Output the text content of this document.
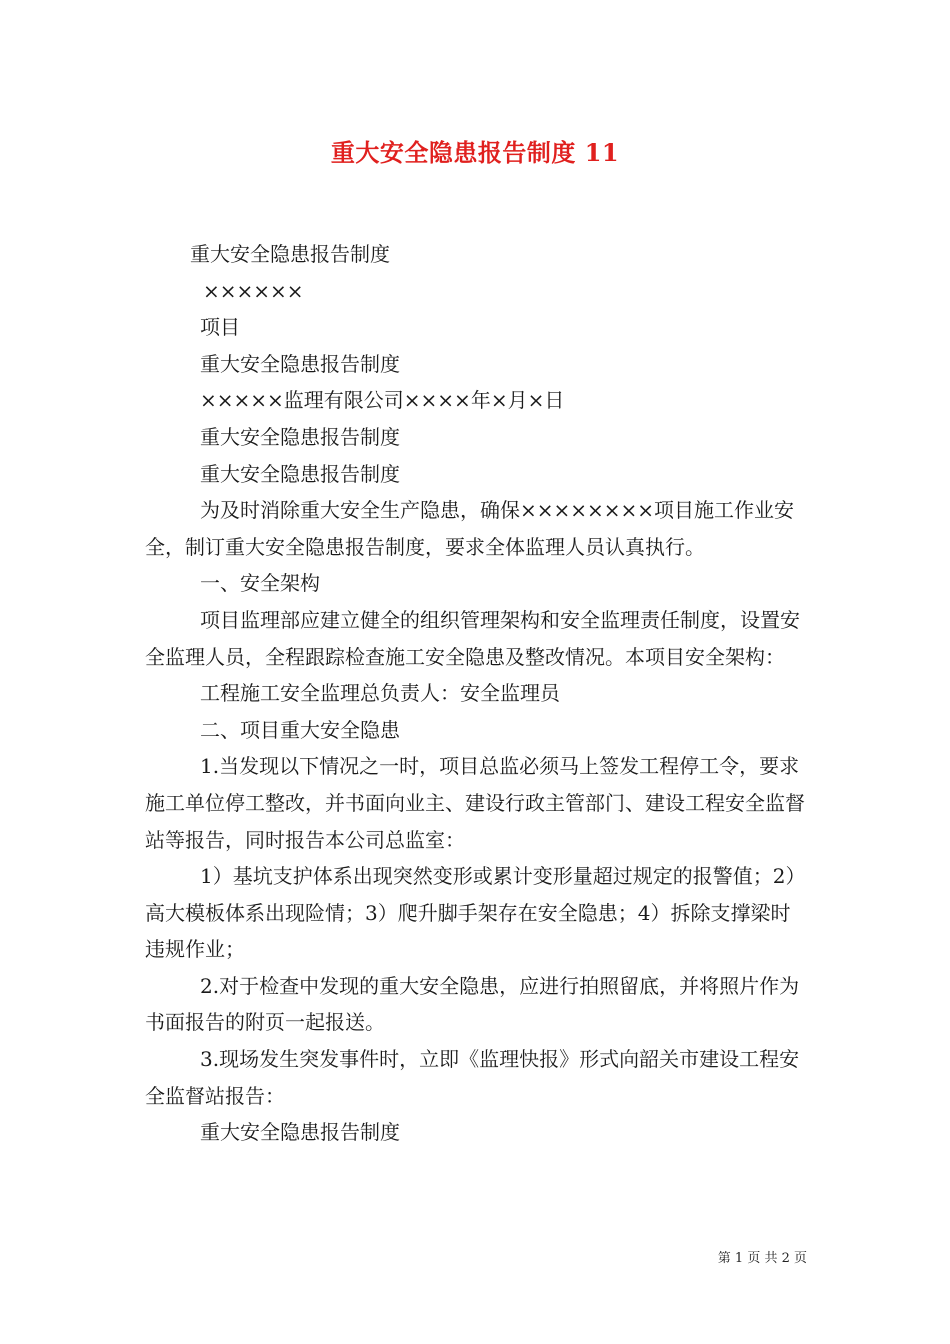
重大安全隐患报告制度 11

重大安全隐患报告制度

××××××

项目

重大安全隐患报告制度

×××××监理有限公司××××年×月×日

重大安全隐患报告制度

重大安全隐患报告制度

为及时消除重大安全生产隐患，确保××××××××项目施工作业安全，制订重大安全隐患报告制度，要求全体监理人员认真执行。

一、安全架构

项目监理部应建立健全的组织管理架构和安全监理责任制度，设置安全监理人员，全程跟踪检查施工安全隐患及整改情况。本项目安全架构：

工程施工安全监理总负责人：安全监理员

二、项目重大安全隐患

1.当发现以下情况之一时，项目总监必须马上签发工程停工令，要求施工单位停工整改，并书面向业主、建设行政主管部门、建设工程安全监督站等报告，同时报告本公司总监室：

1）基坑支护体系出现突然变形或累计变形量超过规定的报警值；2）高大模板体系出现险情；3）爬升脚手架存在安全隐患；4）拆除支撑梁时违规作业；

2.对于检查中发现的重大安全隐患，应进行拍照留底，并将照片作为书面报告的附页一起报送。

3.现场发生突发事件时，立即《监理快报》形式向韶关市建设工程安全监督站报告：

重大安全隐患报告制度

第 1 页 共 2 页
